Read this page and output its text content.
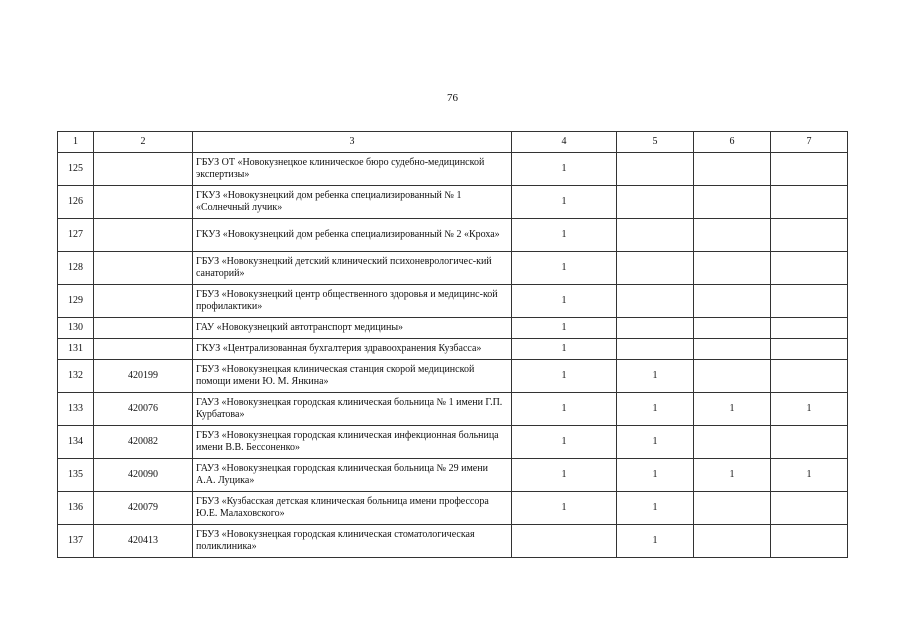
76
1	2	3	4	5	6	7
125		ГБУЗ ОТ «Новокузнецкое клиническое бюро судебно-медицинской экспертизы»	1			
126		ГКУЗ «Новокузнецкий дом ребенка специализированный № 1 «Солнечный лучик»	1			
127		ГКУЗ «Новокузнецкий дом ребенка специализированный № 2 «Кроха»	1			
128		ГБУЗ «Новокузнецкий детский клинический психоневрологичес-кий санаторий»	1			
129		ГБУЗ «Новокузнецкий центр общественного здоровья и медицинс-кой профилактики»	1			
130		ГАУ «Новокузнецкий автотранспорт медицины»	1			
131		ГКУЗ «Централизованная бухгалтерия здравоохранения Кузбасса»	1			
132	420199	ГБУЗ «Новокузнецкая клиническая станция скорой медицинской помощи имени Ю. М. Янкина»	1	1		
133	420076	ГАУЗ «Новокузнецкая городская клиническая больница № 1 имени Г.П. Курбатова»	1	1	1	1
134	420082	ГБУЗ «Новокузнецкая городская клиническая инфекционная больница имени В.В. Бессоненко»	1	1		
135	420090	ГАУЗ «Новокузнецкая городская клиническая больница № 29 имени А.А. Луцика»	1	1	1	1
136	420079	ГБУЗ «Кузбасская детская клиническая больница имени профессора Ю.Е. Малаховского»	1	1		
137	420413	ГБУЗ «Новокузнецкая городская клиническая стоматологическая поликлиника»		1		
